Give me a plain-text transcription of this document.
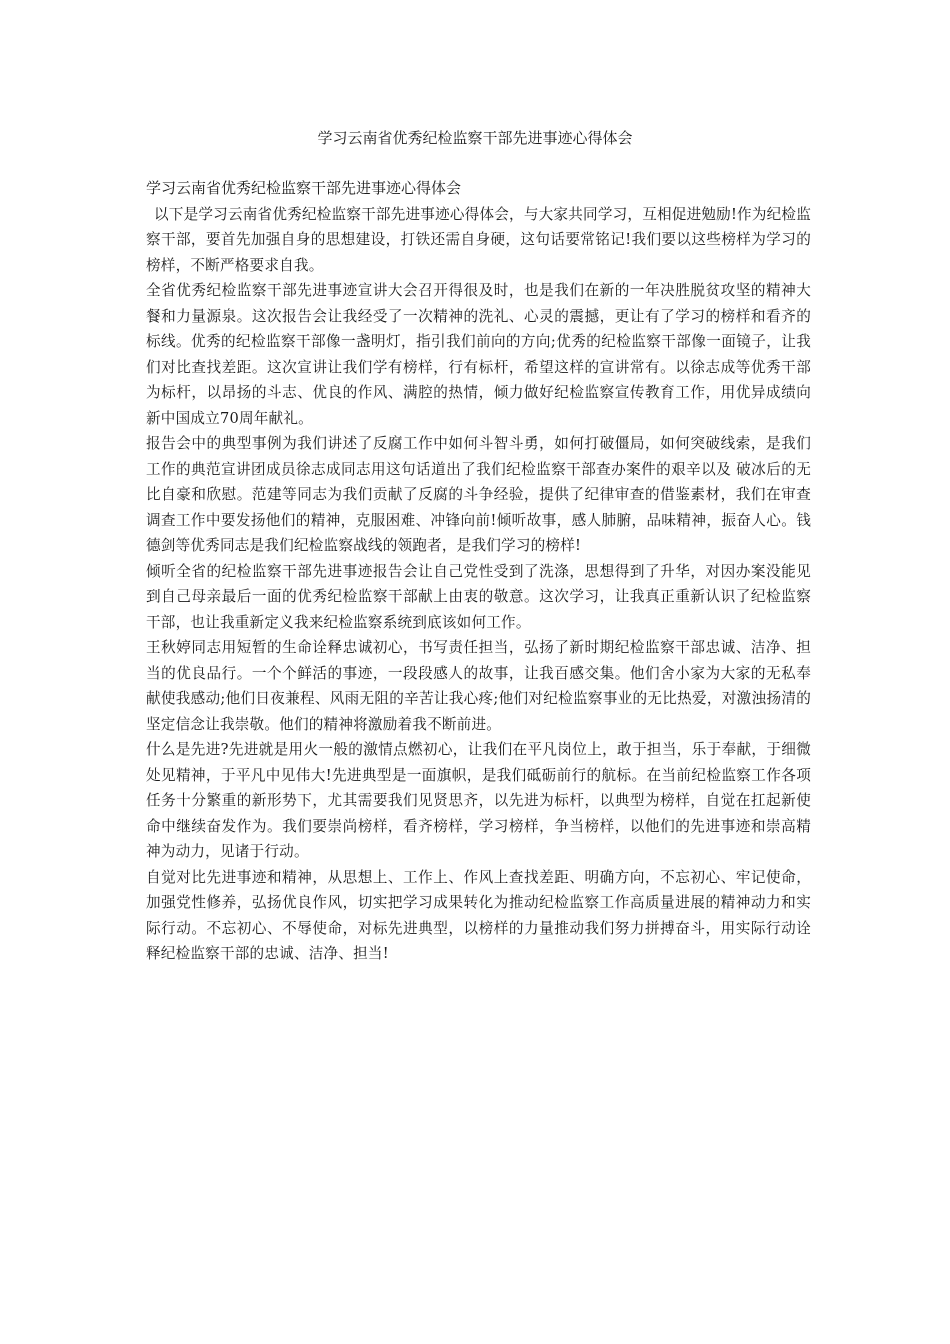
学习云南省优秀纪检监察干部先进事迹心得体会
学习云南省优秀纪检监察干部先进事迹心得体会

以下是学习云南省优秀纪检监察干部先进事迹心得体会，与大家共同学习，互相促进勉励!作为纪检监察干部，要首先加强自身的思想建设，打铁还需自身硬，这句话要常铭记!我们要以这些榜样为学习的榜样，不断严格要求自我。

全省优秀纪检监察干部先进事迹宣讲大会召开得很及时，也是我们在新的一年决胜脱贫攻坚的精神大餐和力量源泉。这次报告会让我经受了一次精神的洗礼、心灵的震撼，更让有了学习的榜样和看齐的标线。优秀的纪检监察干部像一盏明灯，指引我们前向的方向;优秀的纪检监察干部像一面镜子，让我们对比查找差距。这次宣讲让我们学有榜样，行有标杆，希望这样的宣讲常有。以徐志成等优秀干部为标杆，以昂扬的斗志、优良的作风、满腔的热情，倾力做好纪检监察宣传教育工作，用优异成绩向新中国成立70周年献礼。

报告会中的典型事例为我们讲述了反腐工作中如何斗智斗勇，如何打破僵局，如何突破线索，是我们工作的典范宣讲团成员徐志成同志用这句话道出了我们纪检监察干部查办案件的艰辛以及 破冰后的无比自豪和欣慰。范建等同志为我们贡献了反腐的斗争经验，提供了纪律审查的借鉴素材，我们在审查调查工作中要发扬他们的精神，克服困难、冲锋向前!倾听故事，感人肺腑，品味精神，振奋人心。钱德剑等优秀同志是我们纪检监察战线的领跑者，是我们学习的榜样!

倾听全省的纪检监察干部先进事迹报告会让自己党性受到了洗涤，思想得到了升华，对因办案没能见到自己母亲最后一面的优秀纪检监察干部献上由衷的敬意。这次学习，让我真正重新认识了纪检监察干部，也让我重新定义我来纪检监察系统到底该如何工作。

王秋婷同志用短暂的生命诠释忠诚初心，书写责任担当，弘扬了新时期纪检监察干部忠诚、洁净、担当的优良品行。一个个鲜活的事迹，一段段感人的故事，让我百感交集。他们舍小家为大家的无私奉献使我感动;他们日夜兼程、风雨无阻的辛苦让我心疼;他们对纪检监察事业的无比热爱，对激浊扬清的坚定信念让我崇敬。他们的精神将激励着我不断前进。

什么是先进?先进就是用火一般的激情点燃初心，让我们在平凡岗位上，敢于担当，乐于奉献，于细微处见精神，于平凡中见伟大!先进典型是一面旗帜，是我们砥砺前行的航标。在当前纪检监察工作各项任务十分繁重的新形势下，尤其需要我们见贤思齐，以先进为标杆，以典型为榜样，自觉在扛起新使命中继续奋发作为。我们要崇尚榜样，看齐榜样，学习榜样，争当榜样，以他们的先进事迹和崇高精神为动力，见诸于行动。

自觉对比先进事迹和精神，从思想上、工作上、作风上查找差距、明确方向，不忘初心、牢记使命，加强党性修养，弘扬优良作风，切实把学习成果转化为推动纪检监察工作高质量进展的精神动力和实际行动。不忘初心、不辱使命，对标先进典型，以榜样的力量推动我们努力拼搏奋斗，用实际行动诠释纪检监察干部的忠诚、洁净、担当!
